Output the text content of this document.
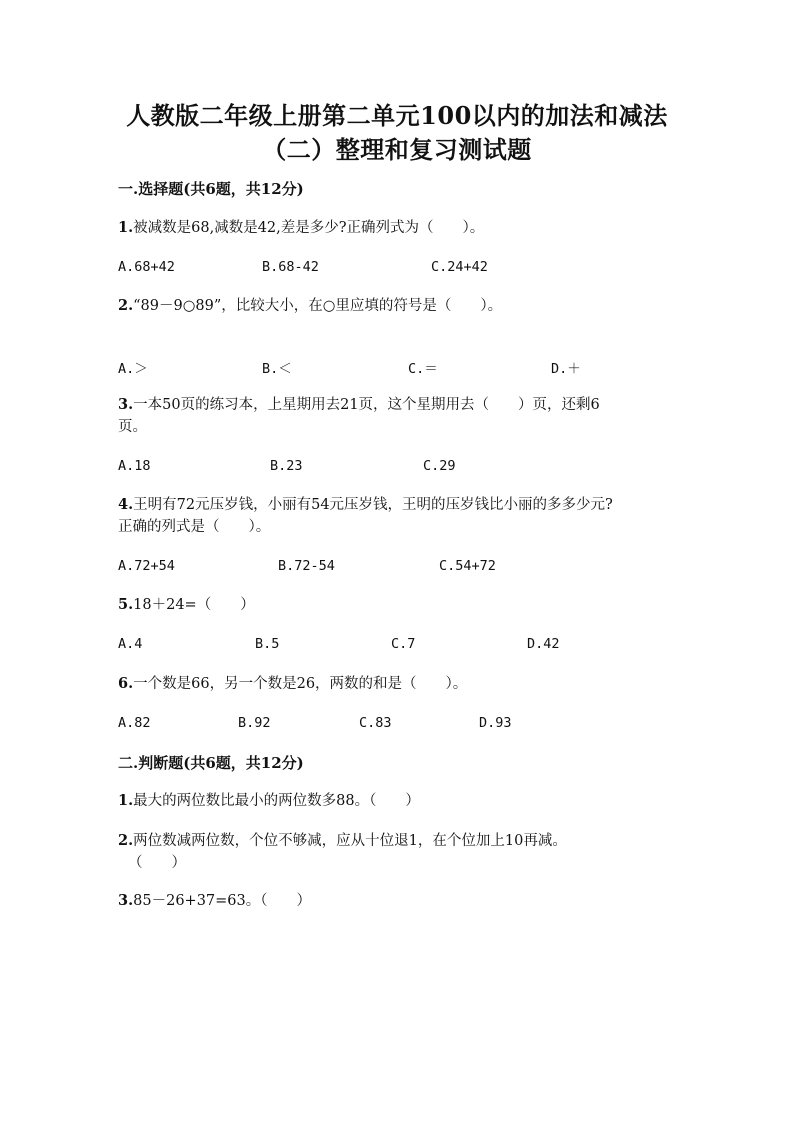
人教版二年级上册第二单元100以内的加法和减法
（二）整理和复习测试题
一.选择题(共6题，共12分)
1.被减数是68,减数是42,差是多少?正确列式为（　　）。
A.68+42	B.68-42	C.24+42
2.“89－9○89”，比较大小，在○里应填的符号是（　　）。
A.＞	B.＜	C.＝	D.＋
3.一本50页的练习本，上星期用去21页，这个星期用去（　　）页，还剩6
页。
A.18	B.23	C.29
4.王明有72元压岁钱，小丽有54元压岁钱，王明的压岁钱比小丽的多多少元?
正确的列式是（　　）。
A.72+54	B.72-54	C.54+72
5.18＋24=（　　）
A.4	B.5	C.7	D.42
6.一个数是66，另一个数是26，两数的和是（　　）。
A.82	B.92	C.83	D.93
二.判断题(共6题，共12分)
1.最大的两位数比最小的两位数多88。（　　）
2.两位数减两位数，个位不够减，应从十位退1，在个位加上10再减。
（　　）
3.85－26+37=63。（　　）
